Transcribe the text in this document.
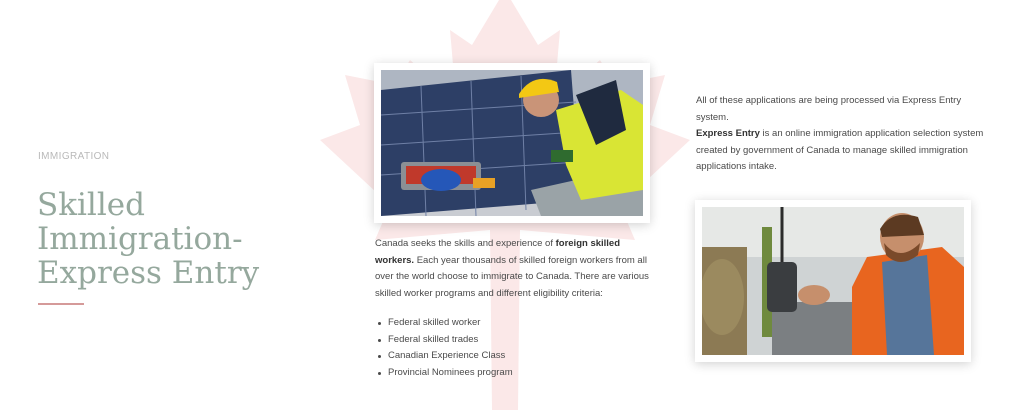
IMMIGRATION
Skilled Immigration- Express Entry

Canada seeks the skills and experience of foreign skilled workers. Each year thousands of skilled foreign workers from all over the world choose to immigrate to Canada. There are various skilled worker programs and different eligibility criteria:

Federal skilled worker
Federal skilled trades
Canadian Experience Class
Provincial Nominees program

All of these applications are being processed via Express Entry system.
Express Entry is an online immigration application selection system created by government of Canada to manage skilled immigration applications intake.
